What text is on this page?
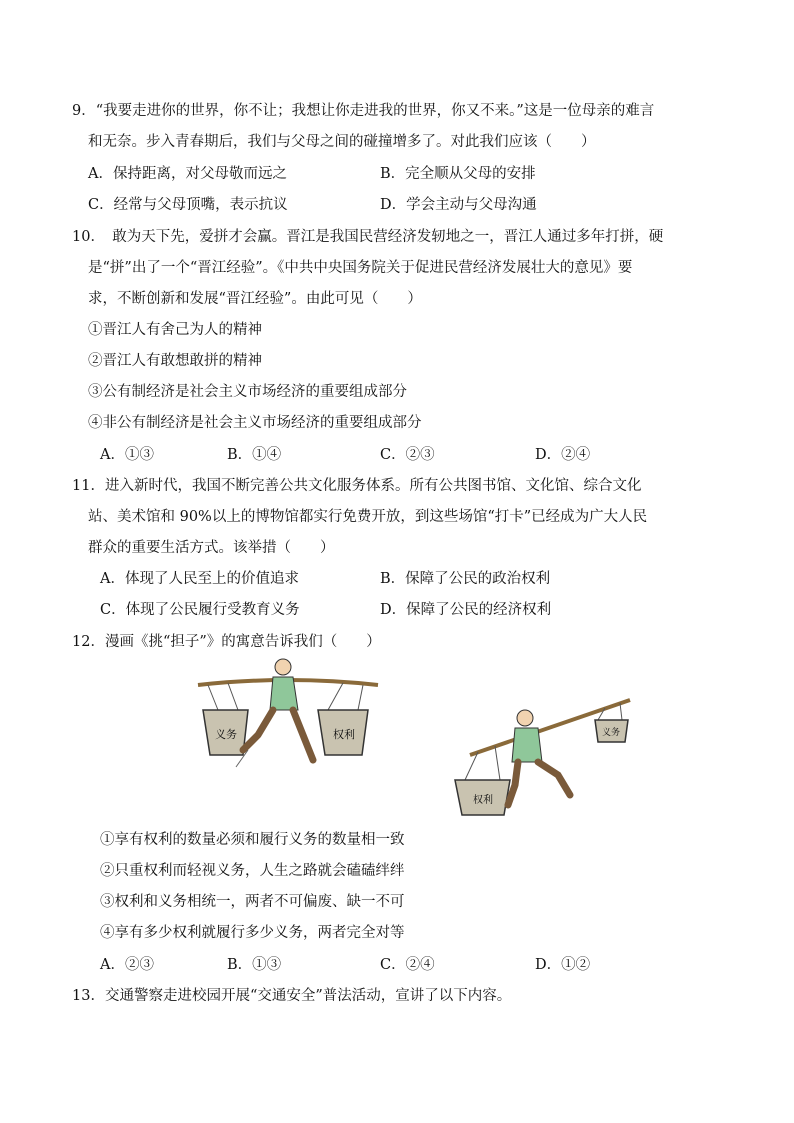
9．“我要走进你的世界，你不让；我想让你走进我的世界，你又不来。”这是一位母亲的难言
和无奈。步入青春期后，我们与父母之间的碰撞增多了。对此我们应该（　　）
A．保持距离，对父母敬而远之	B．完全顺从父母的安排
C．经常与父母顶嘴，表示抗议	D．学会主动与父母沟通
10．　敢为天下先，爱拼才会赢。晋江是我国民营经济发轫地之一，晋江人通过多年打拼，硬
是“拼”出了一个“晋江经验”。《中共中央国务院关于促进民营经济发展壮大的意见》要
求，不断创新和发展“晋江经验”。由此可见（　　）
①晋江人有舍己为人的精神
②晋江人有敢想敢拼的精神
③公有制经济是社会主义市场经济的重要组成部分
④非公有制经济是社会主义市场经济的重要组成部分
A．①③	B．①④	C．②③	D．②④
11．进入新时代，我国不断完善公共文化服务体系。所有公共图书馆、文化馆、综合文化
站、美术馆和 90%以上的博物馆都实行免费开放，到这些场馆“打卡”已经成为广大人民
群众的重要生活方式。该举措（　　）
A．体现了人民至上的价值追求	B．保障了公民的政治权利
C．体现了公民履行受教育义务	D．保障了公民的经济权利
12．漫画《挑“担子”》的寓意告诉我们（　　）
义务	权利
权利
义务
①享有权利的数量必须和履行义务的数量相一致
②只重权利而轻视义务，人生之路就会磕磕绊绊
③权利和义务相统一，两者不可偏废、缺一不可
④享有多少权利就履行多少义务，两者完全对等
A．②③	B．①③	C．②④	D．①②
13．交通警察走进校园开展“交通安全”普法活动，宣讲了以下内容。
